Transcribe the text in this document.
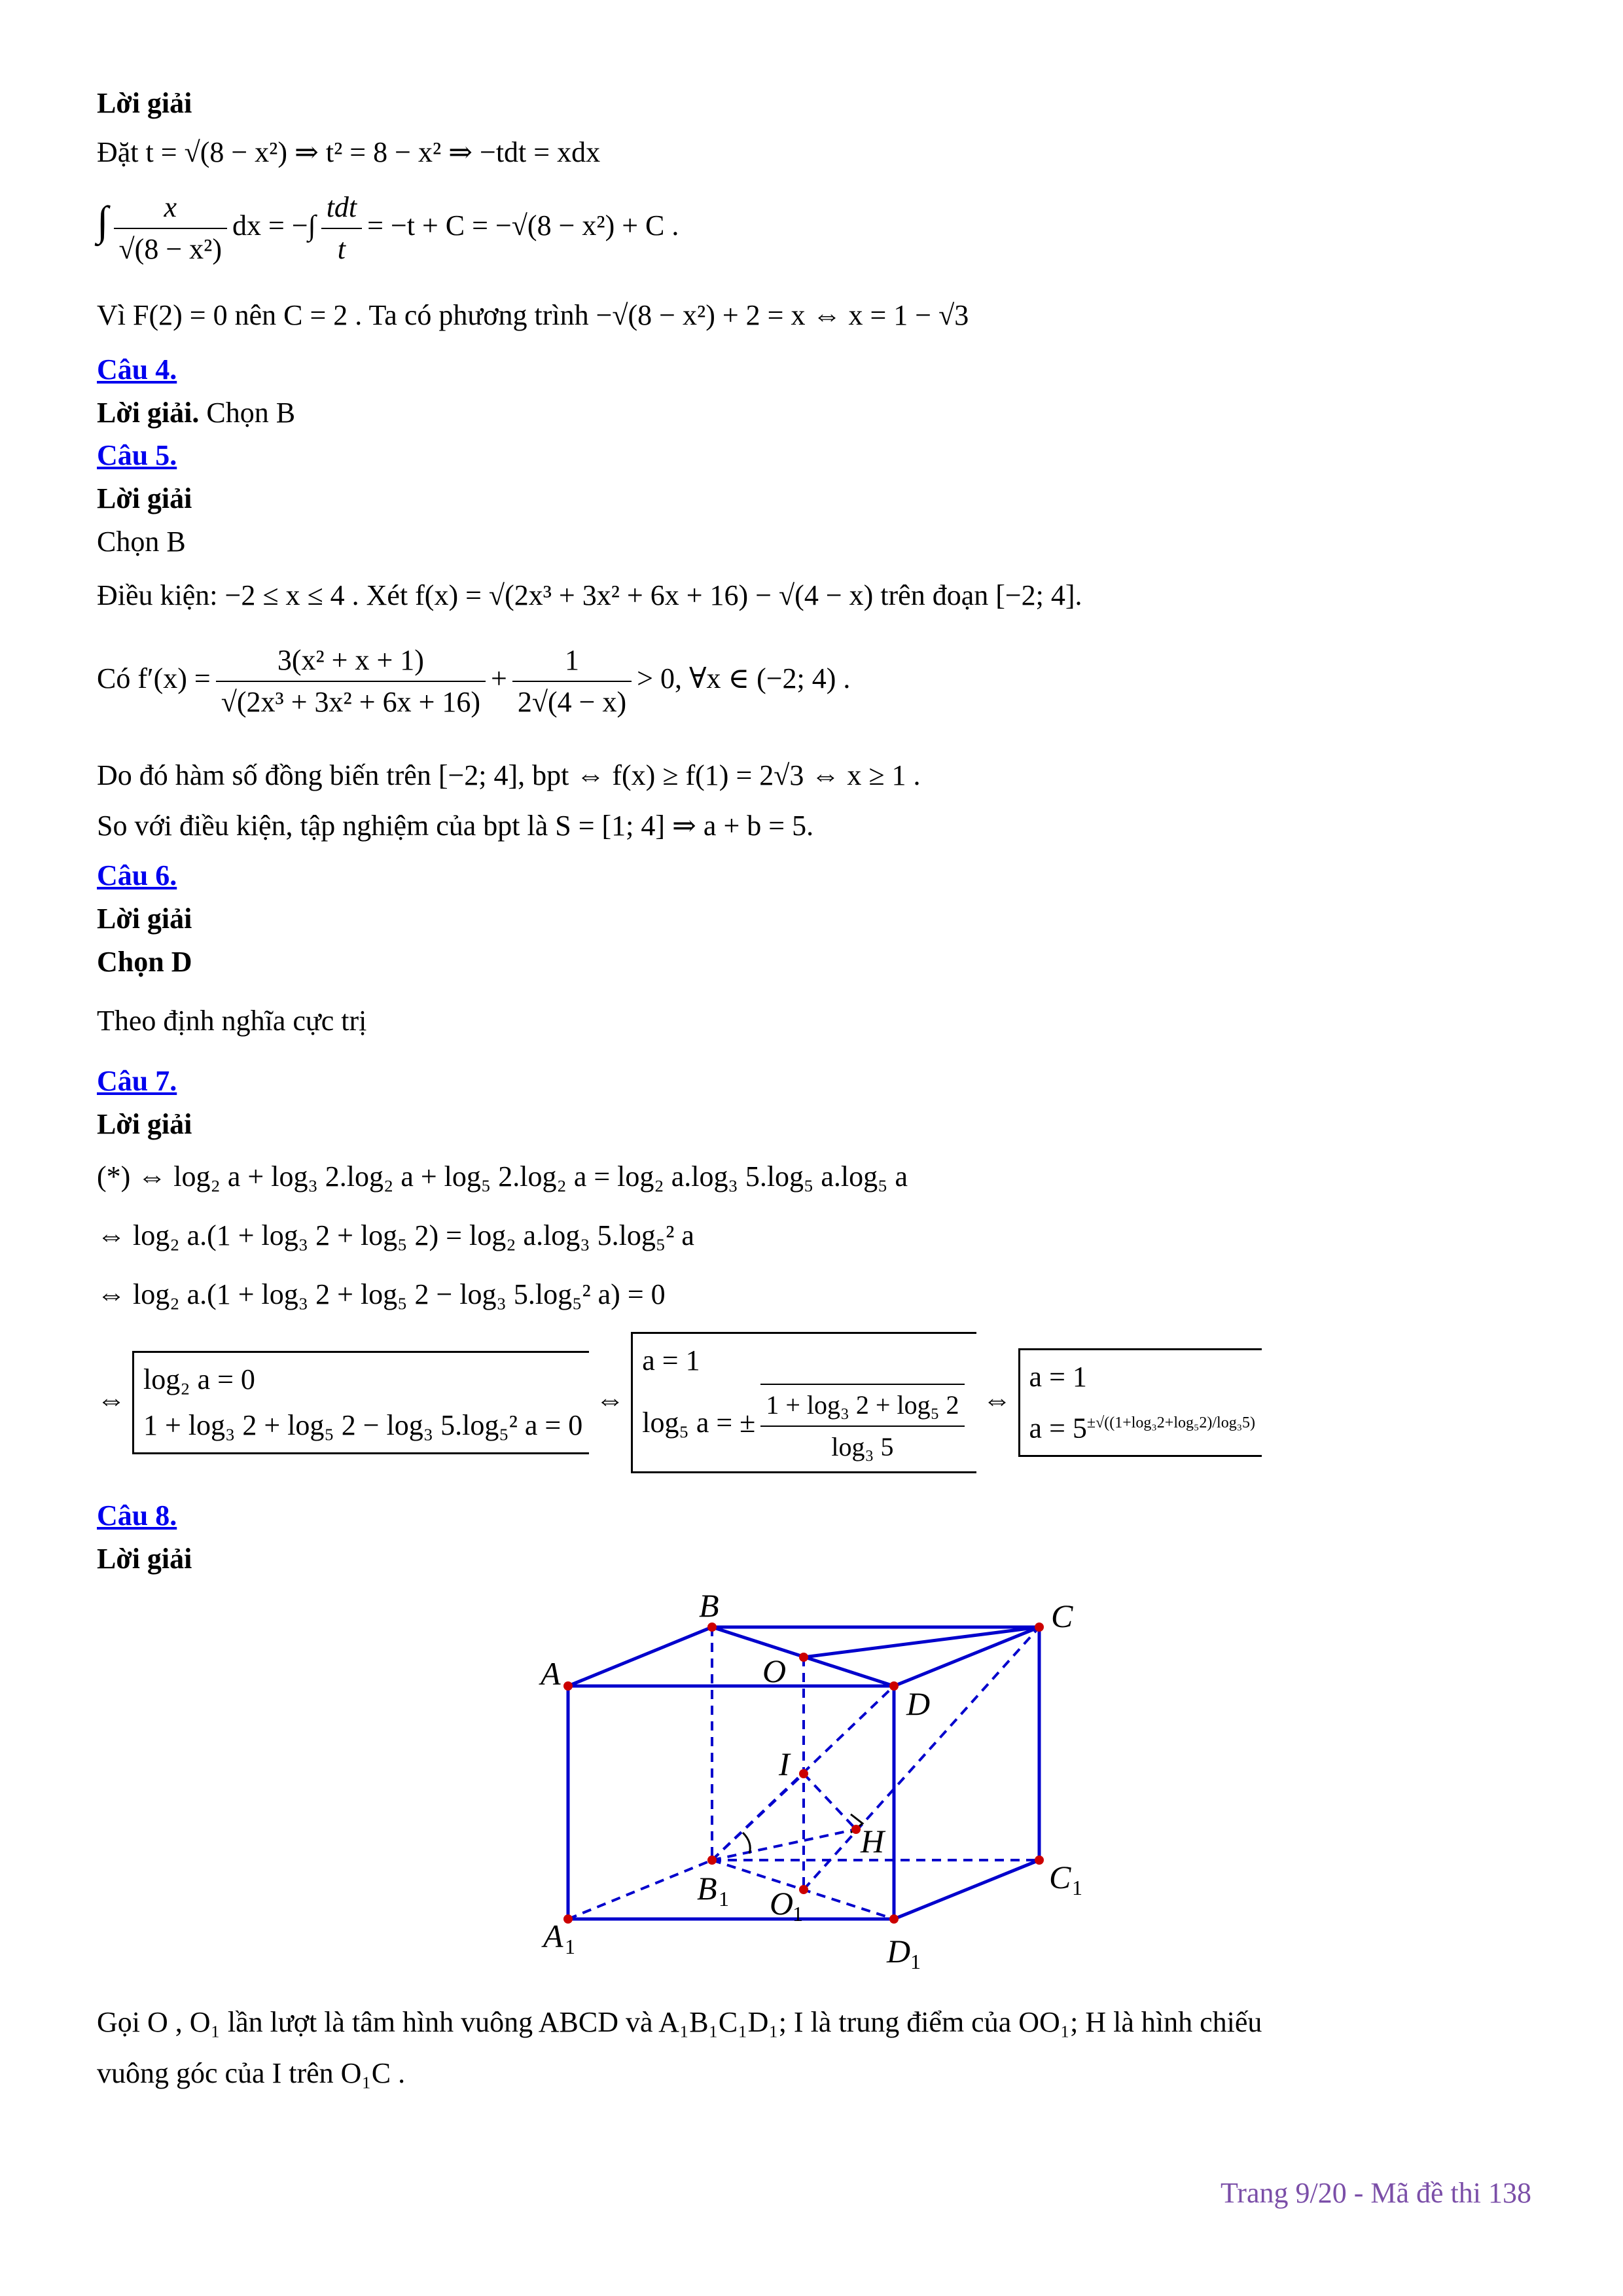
Lời giải
Đặt t = √(8 − x²) ⇒ t² = 8 − x² ⇒ −tdt = xdx
∫ $\frac{x}{\text{√(8 − x²)}}$ dx = −∫ $\frac{\text{tdt}}{t} = -t + C = -√(8 - x^2) + C$ .
Vì F(2) = 0 nên C = 2 . Ta có phương trình −√(8 − x²) + 2 = x ⇔ x = 1 − √3
Câu 4.
Lời giải. Chọn B
Câu 5.
Lời giải
Chọn B
Điều kiện: −2 ≤ x ≤ 4 . Xét f(x) = √(2x³ + 3x² + 6x + 16) − √(4 − x) trên đoạn [−2; 4].
Có $f'(x) = \frac{\text{3(x² + x + 1)}}{\text{√(2x³ + 3x² + 6x + 16)}} + \frac{1}{2√(4 - x)} > 0$, ∀x ∈ (−2; 4) .
Do đó hàm số đồng biến trên [−2; 4], bpt ⇔ f(x) ≥ f(1) = 2√3 ⇔ x ≥ 1 .
So với điều kiện, tập nghiệm của bpt là S = [1; 4] ⇒ a + b = 5.
Câu 6.
Lời giải
Chọn D
Theo định nghĩa cực trị
Câu 7.
Lời giải
(*) ⇔ log₂ a + log₃ 2.log₂ a + log₅ 2.log₂ a = log₂ a.log₃ 5.log₅ a.log₅ a
⇔ log₂ a.(1 + log₃ 2 + log₅ 2) = log₂ a.log₃ 5.log₅² a
⇔ log₂ a.(1 + log₃ 2 + log₅ 2 − log₃ 5.log₅² a) = 0
⇔
log₂ a = 0
1 + log₃ 2 + log₅ 2 − log₃ 5.log₅² a = 0
⇔
a = 1
log₅ a = ± $\frac{\text{1 + log₃ 2 + log₅ 2}}{\text{log₃ 5}}$ ⇔
a = 1
$a = 5^{\pm√((1+log_32+log_52)/log_35)}$
Câu 8.
Lời giải
B	C
A
D
O
I
H
B 1 O
1
C 1
A 1	D 1
Gọi O , O₁ lần lượt là tâm hình vuông ABCD và A₁B₁C₁D₁; I là trung điểm của OO₁; H là hình chiếu
vuông góc của I trên O₁C .
Trang 9/20 - Mã đề thi 138
